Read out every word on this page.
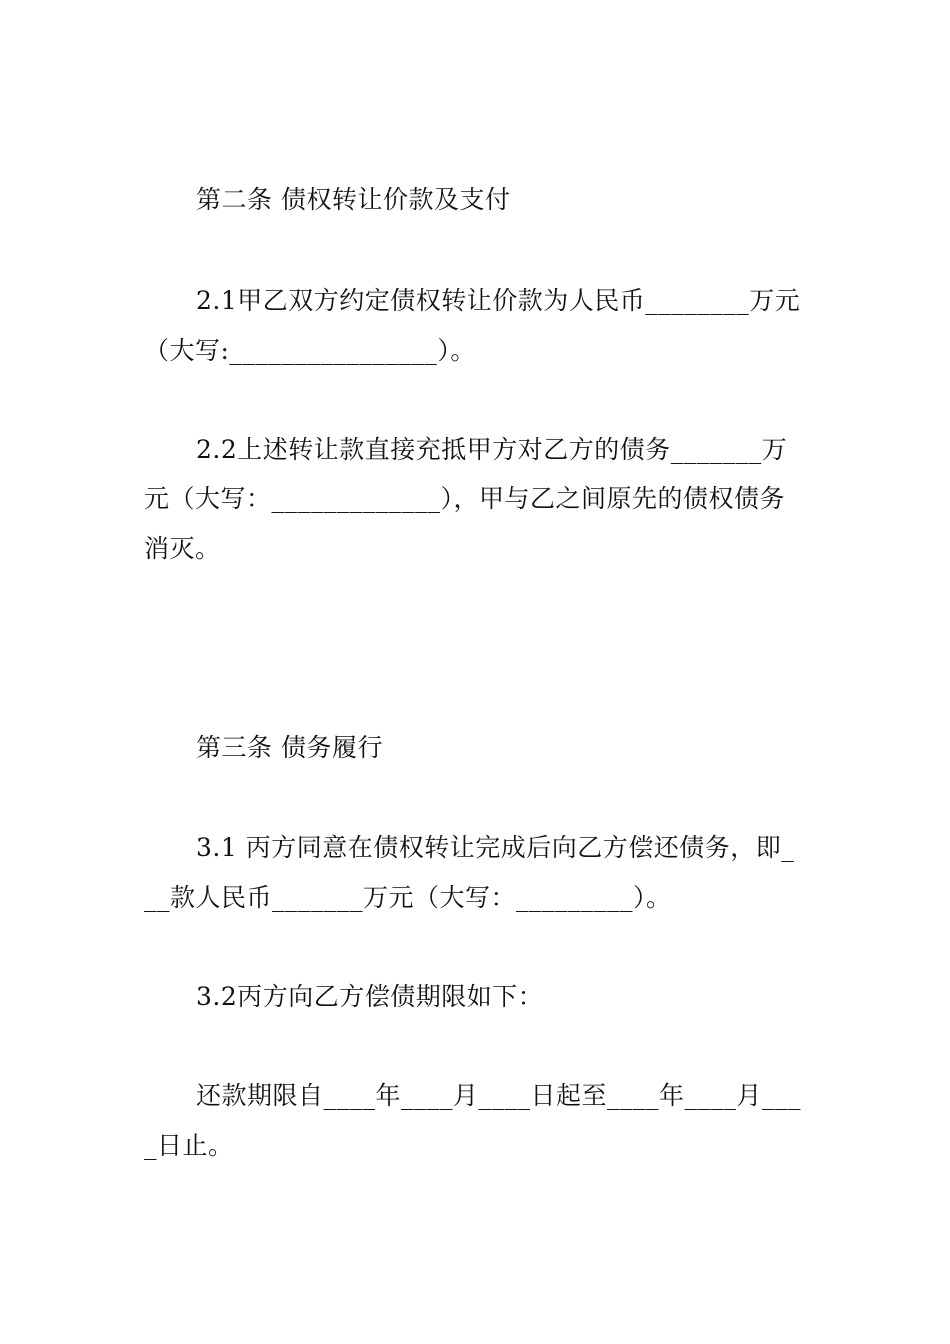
第二条 债权转让价款及支付
2.1甲乙双方约定债权转让价款为人民币________万元
（大写:________________）。
2.2上述转让款直接充抵甲方对乙方的债务_______万
元（大写：_____________），甲与乙之间原先的债权债务
消灭。
第三条 债务履行
3.1 丙方同意在债权转让完成后向乙方偿还债务，即_
__款人民币_______万元（大写：_________）。
3.2丙方向乙方偿债期限如下：
还款期限自____年____月____日起至____年____月___
_日止。
